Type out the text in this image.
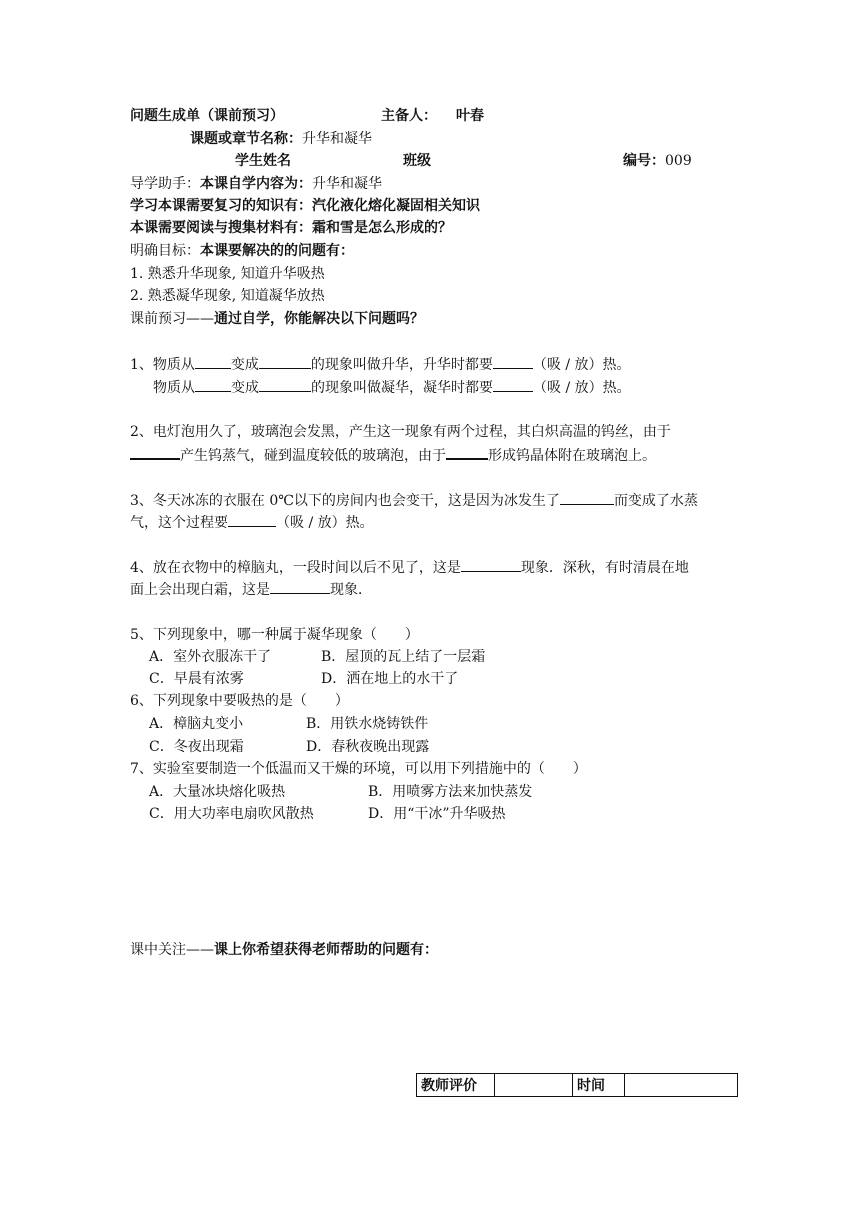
问题生成单（课前预习）	主备人： 叶春
课题或章节名称：升华和凝华
学生姓名	班级	编号：009
导学助手：本课自学内容为：升华和凝华
学习本课需要复习的知识有：汽化液化熔化凝固相关知识
本课需要阅读与搜集材料有：霜和雪是怎么形成的？
明确目标：本课要解决的的问题有：
1. 熟悉升华现象, 知道升华吸热
2. 熟悉凝华现象, 知道凝华放热
课前预习——通过自学，你能解决以下问题吗？
1、物质从	变成	的现象叫做升华，升华时都要	（吸 / 放）热。
物质从	变成	的现象叫做凝华，凝华时都要	（吸 / 放）热。
2、电灯泡用久了，玻璃泡会发黑，产生这一现象有两个过程，其白炽高温的钨丝，由于
产生钨蒸气，碰到温度较低的玻璃泡，由于	形成钨晶体附在玻璃泡上。
3、冬天冰冻的衣服在 0℃以下的房间内也会变干，这是因为冰发生了	而变成了水蒸
气，这个过程要	（吸 / 放）热。
4、放在衣物中的樟脑丸，一段时间以后不见了，这是	现象．深秋，有时清晨在地
面上会出现白霜，这是	现象．
5、下列现象中，哪一种属于凝华现象（　　）
A．室外衣服冻干了	B．屋顶的瓦上结了一层霜
C．早晨有浓雾	D．洒在地上的水干了
6、下列现象中要吸热的是（　　）
A．樟脑丸变小	B．用铁水烧铸铁件
C．冬夜出现霜	D．春秋夜晚出现露
7、实验室要制造一个低温而又干燥的环境，可以用下列措施中的（　　）
A．大量冰块熔化吸热	B．用喷雾方法来加快蒸发
C．用大功率电扇吹风散热	D．用“干冰”升华吸热
课中关注——课上你希望获得老师帮助的问题有：
教师评价		时间	
